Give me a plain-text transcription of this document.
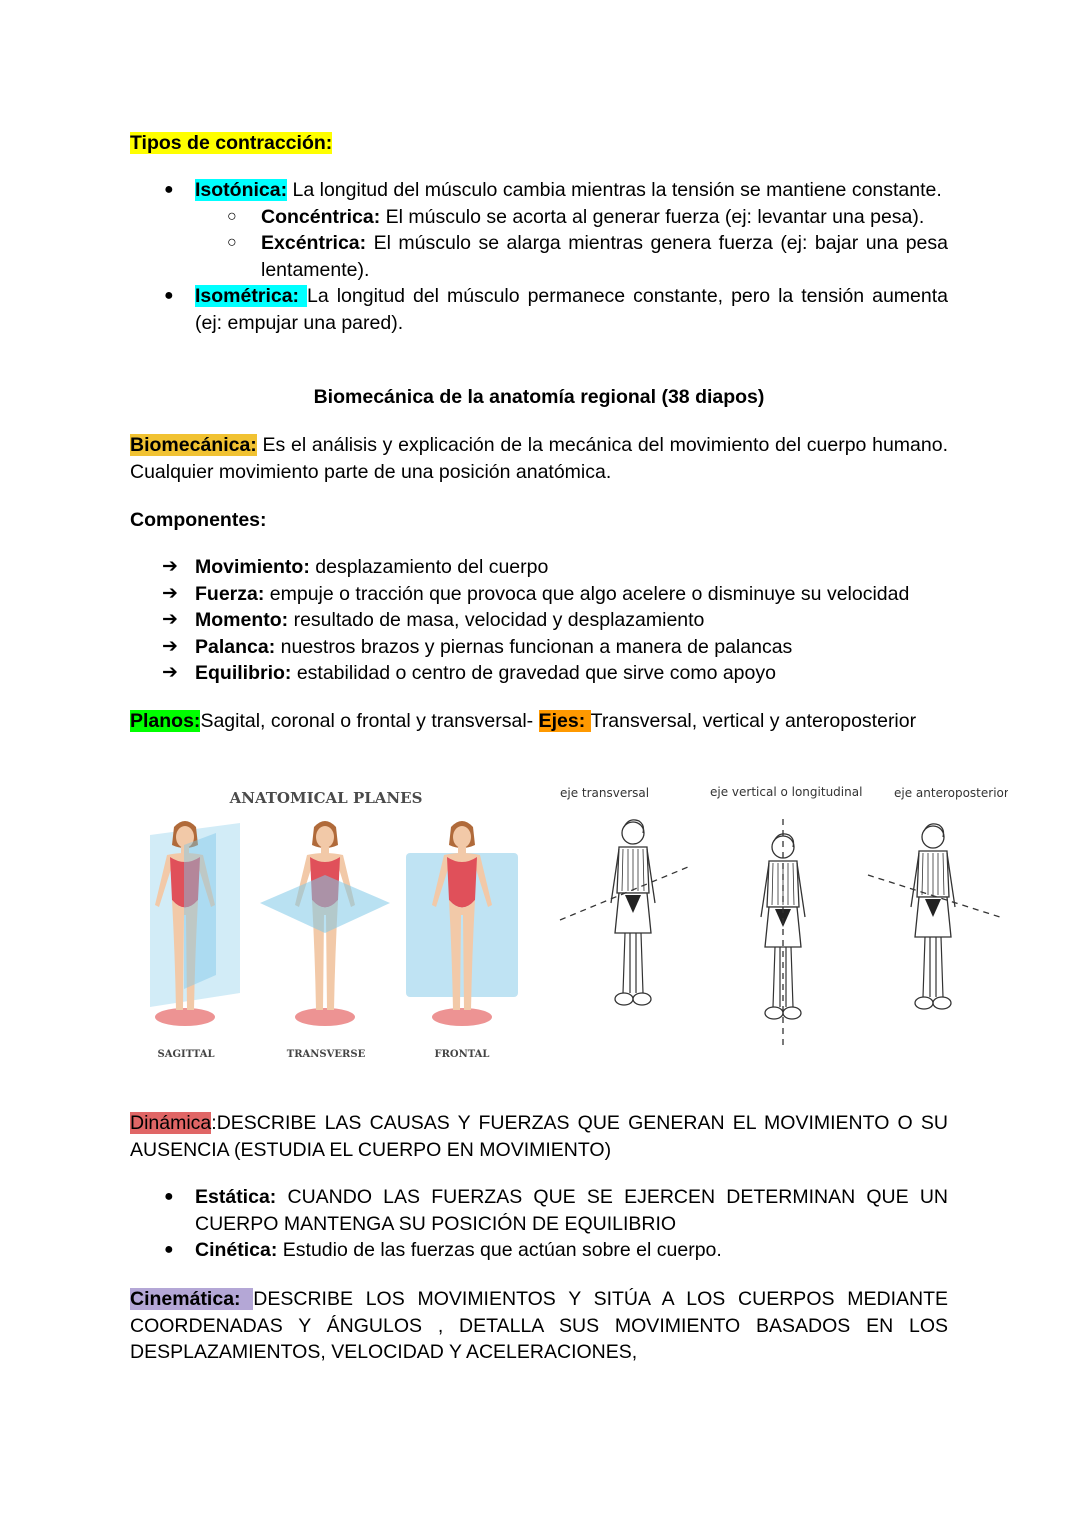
Tipos de contracción:
● Isotónica: La longitud del músculo cambia mientras la tensión se mantiene constante.
○ Concéntrica: El músculo se acorta al generar fuerza (ej: levantar una pesa).
○ Excéntrica: El músculo se alarga mientras genera fuerza (ej: bajar una pesa lentamente).
● Isométrica: La longitud del músculo permanece constante, pero la tensión aumenta (ej: empujar una pared).
Biomecánica de la anatomía regional (38 diapos)
Biomecánica: Es el análisis y explicación de la mecánica del movimiento del cuerpo humano. Cualquier movimiento parte de una posición anatómica.
Componentes:
➔ Movimiento: desplazamiento del cuerpo
➔ Fuerza: empuje o tracción que provoca que algo acelere o disminuye su velocidad
➔ Momento: resultado de masa, velocidad y desplazamiento
➔ Palanca: nuestros brazos y piernas funcionan a manera de palancas
➔ Equilibrio: estabilidad o centro de gravedad que sirve como apoyo
Planos:Sagital, coronal o frontal y transversal- Ejes: Transversal, vertical y anteroposterior
ANATOMICAL PLANES
SAGITTAL	TRANSVERSE	FRONTAL
eje transversal	eje vertical o longitudinal	eje anteroposterior
Dinámica:DESCRIBE LAS CAUSAS Y FUERZAS QUE GENERAN EL MOVIMIENTO O SU AUSENCIA (ESTUDIA EL CUERPO EN MOVIMIENTO)
● Estática: CUANDO LAS FUERZAS QUE SE EJERCEN DETERMINAN QUE UN CUERPO MANTENGA SU POSICIÓN DE EQUILIBRIO
● Cinética: Estudio de las fuerzas que actúan sobre el cuerpo.
Cinemática: DESCRIBE LOS MOVIMIENTOS Y SITÚA A LOS CUERPOS MEDIANTE COORDENADAS Y ÁNGULOS , DETALLA SUS MOVIMIENTO BASADOS EN LOS DESPLAZAMIENTOS, VELOCIDAD Y ACELERACIONES,
